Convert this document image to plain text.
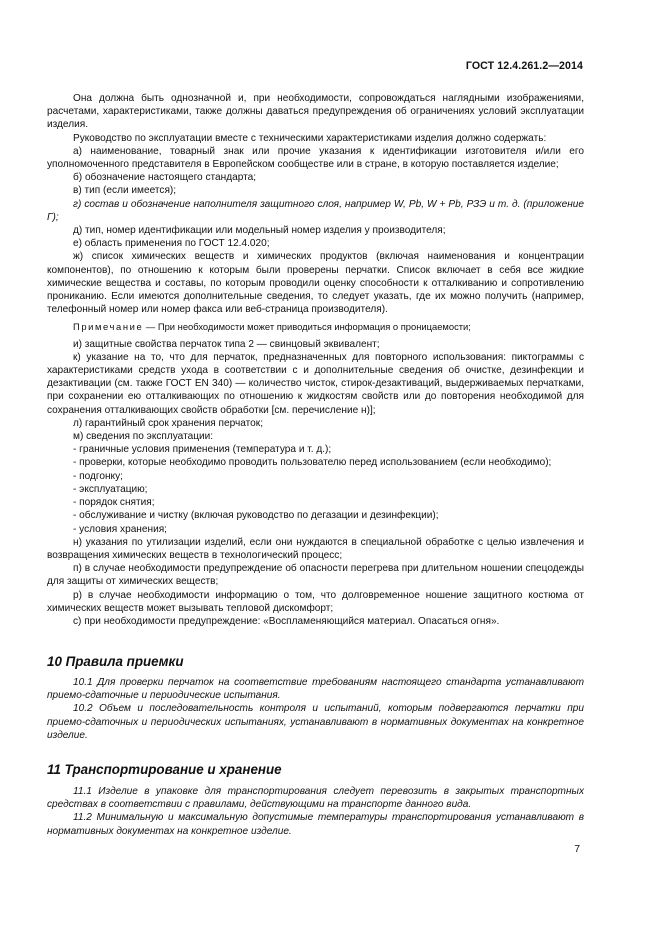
ГОСТ 12.4.261.2—2014

Она должна быть однозначной и, при необходимости, сопровождаться наглядными изображениями, расчетами, характеристиками, также должны даваться предупреждения об ограничениях условий эксплуатации изделия.

Руководство по эксплуатации вместе с техническими характеристиками изделия должно содержать:

а) наименование, товарный знак или прочие указания к идентификации изготовителя и/или его уполномоченного представителя в Европейском сообществе или в стране, в которую поставляется изделие;

б) обозначение настоящего стандарта;

в) тип (если имеется);

г) состав и обозначение наполнителя защитного слоя, например W, Pb, W + Pb, РЗЭ и т. д. (приложение Г);

д) тип, номер идентификации или модельный номер изделия у производителя;

е) область применения по ГОСТ 12.4.020;

ж) список химических веществ и химических продуктов (включая наименования и концентрации компонентов), по отношению к которым были проверены перчатки. Список включает в себя все жидкие химические вещества и составы, по которым проводили оценку способности к отталкиванию и сопротивлению прониканию. Если имеются дополнительные сведения, то следует указать, где их можно получить (например, телефонный номер или номер факса или веб-страница производителя).

Примечание — При необходимости может приводиться информация о проницаемости;

и) защитные свойства перчаток типа 2 — свинцовый эквивалент;

к) указание на то, что для перчаток, предназначенных для повторного использования: пиктограммы с характеристиками средств ухода в соответствии с и дополнительные сведения об очистке, дезинфекции и дезактивации (см. также ГОСТ EN 340) — количество чисток, стирок-дезактиваций, выдерживаемых перчатками, при сохранении ею отталкивающих по отношению к жидкостям свойств или до повторения необходимой для сохранения отталкивающих свойств обработки [см. перечисление н)];

л) гарантийный срок хранения перчаток;

м) сведения по эксплуатации:

- граничные условия применения (температура и т. д.);

- проверки, которые необходимо проводить пользователю перед использованием (если необходимо);

- подгонку;

- эксплуатацию;

- порядок снятия;

- обслуживание и чистку (включая руководство по дегазации и дезинфекции);

- условия хранения;

н) указания по утилизации изделий, если они нуждаются в специальной обработке с целью извлечения и возвращения химических веществ в технологический процесс;

п) в случае необходимости предупреждение об опасности перегрева при длительном ношении спецодежды для защиты от химических веществ;

р) в случае необходимости информацию о том, что долговременное ношение защитного костюма от химических веществ может вызывать тепловой дискомфорт;

с) при необходимости предупреждение: «Воспламеняющийся материал. Опасаться огня».

10 Правила приемки

10.1 Для проверки перчаток на соответствие требованиям настоящего стандарта устанавливают приемо-сдаточные и периодические испытания.

10.2 Объем и последовательность контроля и испытаний, которым подвергаются перчатки при приемо-сдаточных и периодических испытаниях, устанавливают в нормативных документах на конкретное изделие.

11 Транспортирование и хранение

11.1 Изделие в упаковке для транспортирования следует перевозить в закрытых транспортных средствах в соответствии с правилами, действующими на транспорте данного вида.

11.2 Минимальную и максимальную допустимые температуры транспортирования устанавливают в нормативных документах на конкретное изделие.

7
